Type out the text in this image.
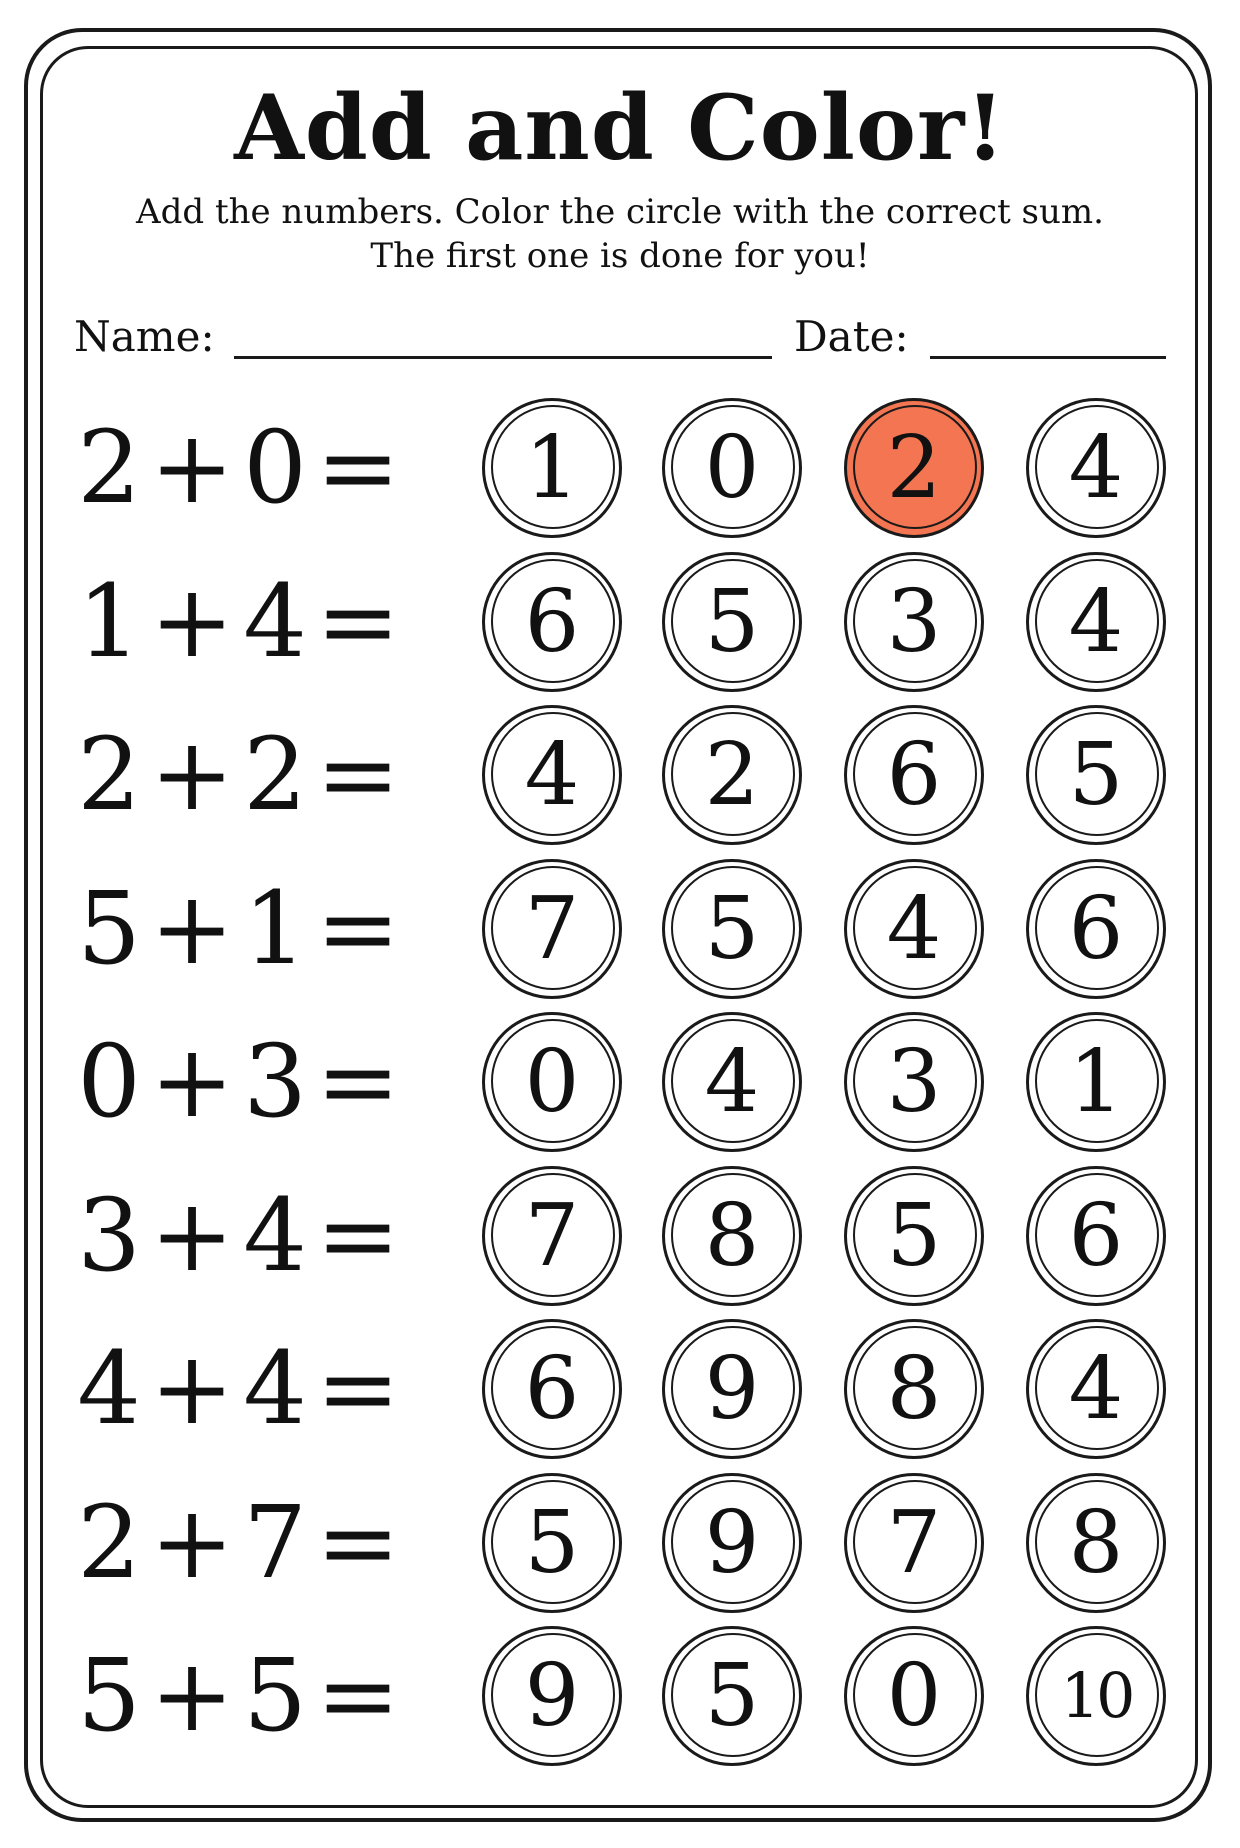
Add and Color!
Add the numbers. Color the circle with the correct sum.
The first one is done for you!
Name:	Date:
2 + 0 = 1 0 2 4
1 + 4 = 6 5 3 4
2 + 2 = 4 2 6 5
5 + 1 = 7 5 4 6
0 + 3 = 0 4 3 1
3 + 4 = 7 8 5 6
4 + 4 = 6 9 8 4
2 + 7 = 5 9 7 8
5 + 5 = 9 5 0 10
